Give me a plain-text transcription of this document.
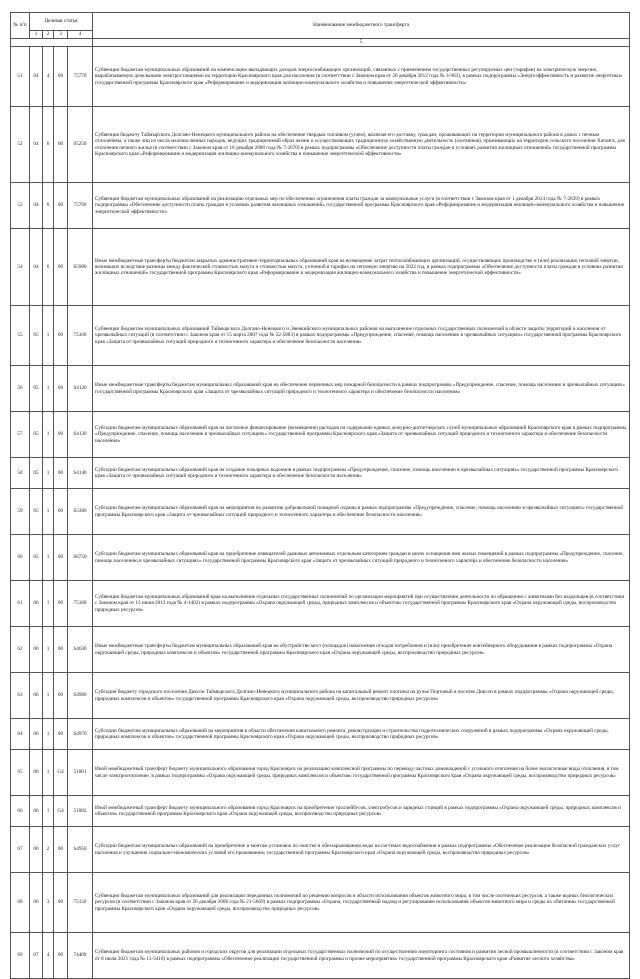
№ п/п	Целевая статья				Наименование межбюджетного трансферта
	1	2	3	4	
					5
51	04	4	00	75770	Субвенции бюджетам муниципальных образований на компенсацию выпадающих доходов энергоснабжающих организаций, связанных с применением государственных регулируемых цен (тарифов) на электрическую энергию, вырабатываемую дизельными электростанциями на территории Красноярского края для населения (в соответствии с Законом края от 20 декабря 2012 года № 3-963), в рамках подпрограммы «Энергоэффективность и развитие энергетики» государственной программы Красноярского края «Реформирование и модернизация жилищно-коммунального хозяйства и повышение энергетической эффективности»
52	04	6	00	05250	Субвенция бюджету Таймырского Долгано-Ненецкого муниципального района на обеспечение твердым топливом (углем), включая его доставку, граждан, проживающих на территории муниципального района в домах с печным отоплением, а также лиц из числа малочисленных народов, ведущих традиционный образ жизни и осуществляющих традиционную хозяйственную деятельность (охотников), проживающих на территории сельского поселения Хатанга, для отопления печного жилья (в соответствии с Законом края от 18 декабря 2008 года № 7-2670) в рамках подпрограммы «Обеспечение доступности платы граждан в условиях развития жилищных отношений» государственной программы Красноярского края «Реформирование и модернизация жилищно-коммунального хозяйства и повышение энергетической эффективности»
53	04	6	00	75700	Субвенции бюджетам муниципальных образований на реализацию отдельных мер по обеспечению ограничения платы граждан за коммунальные услуги (в соответствии с Законом края от 1 декабря 2014 года № 7-2839) в рамках подпрограммы «Обеспечение доступности платы граждан в условиях развития жилищных отношений» государственной программы Красноярского края «Реформирование и модернизация жилищно-коммунального хозяйства и повышение энергетической эффективности»
54	04	6	00	S5900	Иные межбюджетные трансферты бюджетам закрытых административно-территориальных образований края на возмещение затрат теплоснабжающих организаций, осуществляющих производство и (или) реализацию тепловой энергии, возникших вследствие разницы между фактической стоимостью мазута и стоимостью мазута, учтенной в тарифах на тепловую энергию на 2022 год, в рамках подпрограммы «Обеспечение доступности платы граждан в условиях развития жилищных отношений» государственной программы Красноярского края «Реформирование и модернизация жилищно-коммунального хозяйства и повышение энергетической эффективности»
55	05	1	00	75160	Субвенции бюджетам муниципальных образований Таймырского Долгано-Ненецкого и Эвенкийского муниципальных районов на выполнение отдельных государственных полномочий в области защиты территорий и населения от чрезвычайных ситуаций (в соответствии с Законом края от 15 марта 2007 года № 22-5883) в рамках подпрограммы «Предупреждение, спасение, помощь населению в чрезвычайных ситуациях» государственной программы Красноярского края «Защита от чрезвычайных ситуаций природного и техногенного характера и обеспечение безопасности населения»
56	05	1	00	S4120	Иные межбюджетные трансферты бюджетам муниципальных образований края на обеспечение первичных мер пожарной безопасности в рамках подпрограммы «Предупреждение, спасение, помощь населению в чрезвычайных ситуациях» государственной программы Красноярского края «Защита от чрезвычайных ситуаций природного и техногенного характера и обеспечение безопасности населения»
57	05	1	00	S4130	Субсидии бюджетам муниципальных образований края на частичное финансирование (возмещение) расходов на содержание единых дежурно-диспетчерских служб муниципальных образований Красноярского края в рамках подпрограммы «Предупреждение, спасение, помощь населению в чрезвычайных ситуациях» государственной программы Красноярского края «Защита от чрезвычайных ситуаций природного и техногенного характера и обеспечение безопасности населения»
58	05	1	00	S4140	Субсидии бюджетам муниципальных образований края на создание пожарных водоемов в рамках подпрограммы «Предупреждение, спасение, помощь населению в чрезвычайных ситуациях» государственной программы Красноярского края «Защита от чрезвычайных ситуаций природного и техногенного характера и обеспечение безопасности населения»
59	05	1	00	S5300	Субсидии бюджетам муниципальных образований края на мероприятия по развитию добровольной пожарной охраны в рамках подпрограммы «Предупреждение, спасение, помощь населению в чрезвычайных ситуациях» государственной программы Красноярского края «Защита от чрезвычайных ситуаций природного и техногенного характера и обеспечение безопасности населения»
60	05	1	00	S6750	Субсидии бюджетам муниципальных образований края на приобретение извещателей дымовых автономных отдельным категориям граждан в целях оснащения ими жилых помещений в рамках подпрограммы «Предупреждение, спасение, помощь населению в чрезвычайных ситуациях» государственной программы Красноярского края «Защита от чрезвычайных ситуаций природного и техногенного характера и обеспечение безопасности населения»
61	06	1	00	75180	Субвенции бюджетам муниципальных образований края на выполнение отдельных государственных полномочий по организации мероприятий при осуществлении деятельности по обращению с животными без владельцев (в соответствии с Законом края от 13 июня 2013 года № 4-1402) в рамках подпрограммы «Охрана окружающей среды, природных комплексов и объектов» государственной программы Красноярского края «Охрана окружающей среды, воспроизводство природных ресурсов»
62	06	1	00	S4630	Иные межбюджетные трансферты бюджетам муниципальных образований края на обустройство мест (площадок) накопления отходов потребления и (или) приобретение контейнерного оборудования в рамках подпрограммы «Охрана окружающей среды, природных комплексов и объектов» государственной программы Красноярского края «Охрана окружающей среды, воспроизводство природных ресурсов»
63	06	1	00	S4960	Субсидия бюджету городского поселения Диксон Таймырского Долгано-Ненецкого муниципального района на капитальный ремонт плотины на ручье Портовый в поселке Диксон в рамках подпрограммы «Охрана окружающей среды, природных комплексов и объектов» государственной программы Красноярского края «Охрана окружающей среды, воспроизводство природных ресурсов»
64	06	1	00	S4970	Субсидии бюджетам муниципальных образований на мероприятия в области обеспечения капитального ремонта, реконструкции и строительства гидротехнических сооружений в рамках подпрограммы «Охрана окружающей среды, природных комплексов и объектов» государственной программы Красноярского края «Охрана окружающей среды, воспроизводство природных ресурсов»
65	06	1	G4	51081	Иной межбюджетный трансферт бюджету муниципального образования город Красноярск на реализацию комплексной программы по переводу частных домовладений с угольного отопления на более экологичные виды отопления, в том числе электроотопление, в рамках подпрограммы «Охрана окружающей среды, природных комплексов и объектов» государственной программы Красноярского края «Охрана окружающей среды, воспроизводство природных ресурсов»
66	06	1	G4	51082	Иной межбюджетный трансферт бюджету муниципального образования город Красноярск на приобретение троллейбусов, электробусов и зарядных станций в рамках подпрограммы «Охрана окружающей среды, природных комплексов и объектов» государственной программы Красноярского края «Охрана окружающей среды, воспроизводство природных ресурсов»
67	06	2	00	S4950	Субсидии бюджетам муниципальных образований на приобретение и монтаж установок по очистке и обеззараживанию воды на системах водоснабжения в рамках подпрограммы «Обеспечение реализации безопасной гражданских услуг населения и улучшение социально-экономических условий его проживания» государственной программы Красноярского края «Охрана окружающей среды, воспроизводство природных ресурсов»
68	06	3	00	75150	Субвенции бюджетам муниципальных образований для реализации переданных полномочий по решению вопросов в области использования объектов животного мира, в том числе охотничьих ресурсов, а также водных биологических ресурсов (в соответствии с Законом края от 26 декабря 2006 года № 21-5669) в рамках подпрограммы «Охрана, государственный надзор и регулирование использования объектов животного мира и среды их обитания» государственной программы Красноярского края «Охрана окружающей среды, воспроизводство природных ресурсов»
69	07	4	00	74400	Субвенции бюджетам муниципальных районов и городских округов для реализации отдельных государственных полномочий по осуществлению мониторинга состояния и развития лесной промышленности (в соответствии с Законом края от 8 июля 2021 года № 11-5410) в рамках подпрограммы «Обеспечение реализации государственной программы и прочие мероприятия» государственной программы Красноярского края «Развитие лесного хозяйства»
